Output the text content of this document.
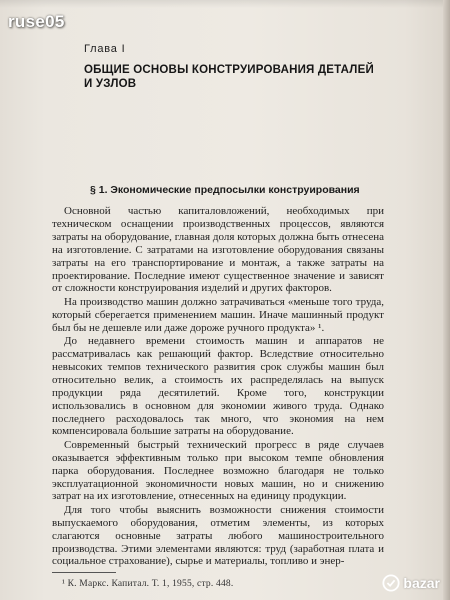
ruse05
Глава I
ОБЩИЕ ОСНОВЫ КОНСТРУИРОВАНИЯ ДЕТАЛЕЙ
И УЗЛОВ
§ 1. Экономические предпосылки конструирования

Основной частью капиталовложений, необходимых при техническом оснащении производственных процессов, являются затраты на оборудование, главная доля которых должна быть отнесена на изготовление. С затратами на изготовление оборудования связаны затраты на его транспортирование и монтаж, а также затраты на проектирование. Последние имеют существенное значение и зависят от сложности конструирования изделий и других факторов.

На производство машин должно затрачиваться «меньше того труда, который сберегается применением машин. Иначе машинный продукт был бы не дешевле или даже дороже ручного продукта» ¹.

До недавнего времени стоимость машин и аппаратов не рассматривалась как решающий фактор. Вследствие относительно невысоких темпов технического развития срок службы машин был относительно велик, а стоимость их распределялась на выпуск продукции ряда десятилетий. Кроме того, конструкции использовались в основном для экономии живого труда. Однако последнего расходовалось так много, что экономия на нем компенсировала большие затраты на оборудование.

Современный быстрый технический прогресс в ряде случаев оказывается эффективным только при высоком темпе обновления парка оборудования. Последнее возможно благодаря не только эксплуатационной экономичности новых машин, но и снижению затрат на их изготовление, отнесенных на единицу продукции.

Для того чтобы выяснить возможности снижения стоимости выпускаемого оборудования, отметим элементы, из которых слагаются основные затраты любого машиностроительного производства. Этими элементами являются: труд (заработная плата и социальное страхование), сырье и материалы, топливо и энер-

¹ К. Маркс. Капитал. Т. 1, 1955, стр. 448.	bazar
